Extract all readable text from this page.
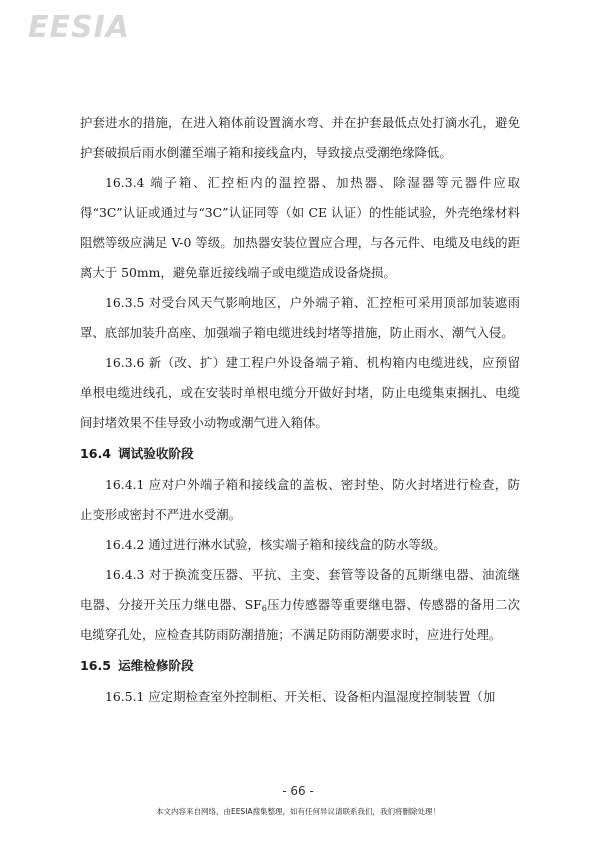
EESIA

护套进水的措施，在进入箱体前设置滴水弯、并在护套最低点处打滴水孔，避免护套破损后雨水倒灌至端子箱和接线盒内，导致接点受潮绝缘降低。

16.3.4 端子箱、汇控柜内的温控器、加热器、除湿器等元器件应取得“3C”认证或通过与“3C”认证同等（如 CE 认证）的性能试验，外壳绝缘材料阻燃等级应满足 V-0 等级。加热器安装位置应合理，与各元件、电缆及电线的距离大于 50mm，避免靠近接线端子或电缆造成设备烧损。

16.3.5 对受台风天气影响地区，户外端子箱、汇控柜可采用顶部加装遮雨罩、底部加装升高座、加强端子箱电缆进线封堵等措施，防止雨水、潮气入侵。

16.3.6 新（改、扩）建工程户外设备端子箱、机构箱内电缆进线，应预留单根电缆进线孔，或在安装时单根电缆分开做好封堵，防止电缆集束捆扎、电缆间封堵效果不佳导致小动物或潮气进入箱体。

16.4 调试验收阶段

16.4.1 应对户外端子箱和接线盒的盖板、密封垫、防火封堵进行检查，防止变形或密封不严进水受潮。

16.4.2 通过进行淋水试验，核实端子箱和接线盒的防水等级。

16.4.3 对于换流变压器、平抗、主变、套管等设备的瓦斯继电器、油流继电器、分接开关压力继电器、$SF_6$压力传感器等重要继电器、传感器的备用二次电缆穿孔处，应检查其防雨防潮措施；不满足防雨防潮要求时，应进行处理。

16.5 运维检修阶段

16.5.1 应定期检查室外控制柜、开关柜、设备柜内温湿度控制装置（加

- 66 -
本文内容来自网络，由EESIA搜集整理，如有任何异议请联系我们，我们将删除处理！
